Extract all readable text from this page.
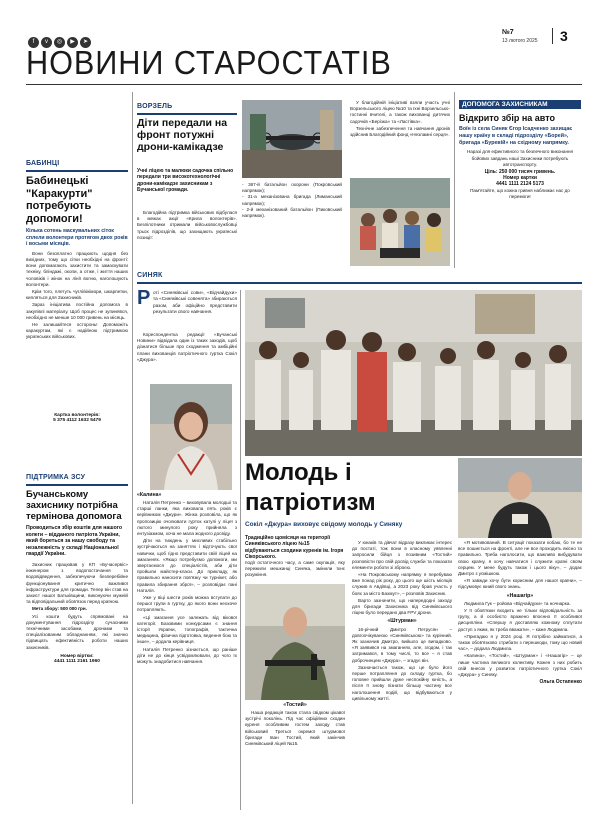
f v ◎ ▶ ➤
НОВИНИ СТАРОСТАТІВ
№7
13 лютого 2025 3
БАБИНЦІ
Бабинецькі "Каракурти" потребують допомоги!
Кілька сотень маскувальних сіток сплели волонтери протягом двох років і восьми місяців.

Вони безоплатно працюють щодня без вихідних, тому що сітки необхідні на фронті: вони допомагають захистити та замаскувати техніку, бліндажі, окопи, а отже, і життя наших чоловіків і жінок на лінії вогню, наголошують волонтери.

Крім того, плетуть чуглі/кікімори, шкарпетки, кипляться для Захисників.

Зараз ініціатива постійна допомога в закупівлі матеріалу. Щоб процес не зупинявся, необхідно не менше 10 000 гривень на місяць.

Не залишайтеся осторонь! Допоможіть каракуртам, які є надійною підтримкою українських військових.

Картка волонтерів:
5 375 4112 1632 5479
ПІДТРИМКА ЗСУ
Бучанському захиснику потрібна термінова допомога
Проводиться збір коштів для нашого колеги – відданого патріота України, який бореться за нашу свободу та незалежність у складі Національної гвардії України.

Захисник працював у КП «Бучасервіс» інженером з водопостачання та водовідведення, забезпечуючи безперебійне функціонування критично важливої інфраструктури для громади. Тепер він став на захист нашої Батьківщини, виконуючи мужній та відповідальний обов'язок перед країною.

Мета збору: 500 000 грн.

Усі кошти будуть спрямовані на документування підрозділу сучасними технічними засобами, дронами та спеціалізованим обладнанням, які значно підвищать ефективність роботи наших захисників.

Номер віртки:
4441 1111 2161 1960
ВОРЗЕЛЬ
Діти передали на фронт потужні дрони-камікадзе
Учні ліцею та малюки садочка спільно передали три високотехнологічні дрони-камікадзе захисникам з Бучанської громади.
Благодійна підтримка військових відбулася в межах акції «Крила волонтерів». Безпілотники отримали військовослужбовці трьох підрозділів, що захищають українські позиції:
- 367-й батальйон охорони (Покровський напрямок);
- 31-а механізована бригада (Лиманський напрямок);
- 2-й механізований батальйон (Пиковський напрямок).

У благодійній ініціативі взяли участь учні Ворзельського ліцею №10 та їхні Ворзельсько-гостинні вчителі, а також вихованці дитячих садочків «Берізка» та «Ластівка».

Технічне забезпечення та навчання дронів здійснив Благодійний фонд «Незламні серця».

ДОПОМОГА ЗАХИСНИКАМ
Відкрито збір на авто
Воїн із села Синяк Єгор Ісадченко захищає нашу країну в складі підрозділу «Борей», бригада «Буревій» на східному напрямку.
Наразі для ефективного та безпечного виконання бойових завдань наші Захисники потребують автотранспорту.
Ціль: 250 000 тисяч гривень.
Номер картки
4441 1111 2124 5173
Пам'ятайте, що кожна гривня наближає нас до перемоги!
СИНЯК
Р оті «Синяківські сови», «Відчайдухи» та «Синяківські совенята» збираються разом, аби офіційно представити результати свого навчання.
Кореспондентка редакції «Бучанські Новини» відвідала один із таких заходів, щоб дізнатися більше про сходження та амбіційні плани вихованців патріотичного гуртка Сокіл «Джура».
«Калина»

Наталія Петренко – виховувала молодші та старші ланки, яка виховала пять років є керівником «Джури». Жінка розповіла, що як пропозицію очолювати гурток катулі у ліцеї з лютого минулого року прийняла з ентузіазмом, хоча не мала жодного досвіду.

Діти на тиждень у мисливих стабільно зустрічаються на заняттях і відточують свої навички, щоб гідно представити свій ліцей на змаганнях. «Якщо потребуємо допомоги, ми звертаємося до спеціалістів, аби діти пройшли майстер-класи. До прикладу, як правильно наносити пов'язку чи турнікет, або правила збирання зброї», – розповідає пані Наталія.

Уже у віці шести років можна вступати до першої групи в гуртку, до якого вони неохоче потрапляють.

«Ці змагання усе залежать від вікової категорії. Базовими конкурсами є знання історії України, топографія, тактична медицина, фізична підготовка, ведення бою та інше», – додала керівниця.

Наталія Петренко зізнається, що раніше діти не до кінця усвідомлювали, до чого їх можуть знадобитися навчання.

Молодь і патріотизм
Сокіл «Джура» виховує свідому молодь у Синяку
Традиційно щомісяця на території Синяківського ліцею №15 відбуваються сходини куренів ім. Ігоря Сікорського.
події остаточного часу, а саме окупація, яку пережили мешканці Синяка, змінили їхнє розуміння.
«Тостий»
Наша редакція також стала свідком цікавої зустрічі поколінь. Під час офіційних сходин куреня особливим гостем заходу став військовий Третьої окремої штурмової бригади Іван Тостий, який закінчив Синяківський ліцей №15.

У юнаків та дівчат відразу викликає інтерес до постаті, тож вони в класному уявленні запросили бійця з позивним «Тостий» розповісти про свій досвід служби та показати елементи роботи зі зброєю.

«На Покровському напрямку я перебуваю вже понад рік року, до цього ще шість місяців служив в Авдіївці, а 2023 року брав участь у боях за місто Бахмут», – розповів Захисник.

Варто зазначити, що напередодні заходу для бригади Захисника від Синяківського ліцею було передано два FPV дрони.

«Штурман»

16-річний Дмитро Петрусян – довгоочікуваною «Синяківською» та курінний. Як зазначив Дмитро, вийшло це випадково. «Я заявився на змаганнях, але, згодом, і так затримався, в тому числі, то все – я став доброчинцем «Джура», – згадує він.

Зазначається також, що це було його перше потрапляння до складу гуртка, бо головне прийшли дуже неспокійну юність, а після її знову пізнати більшу частину все наголошення подій, що відбуваються у цивільному житті.

«Я мотивований. В ситуації показати кобаю, бо те не все пошиється на фронті, але не все проходить якісно та правильно. Треба наголосити, що важливо вибудувати свою країну, я хочу навчатися і служити країні своїм серцем. У мене будуть також і цього віку», – додає Дмитро з усмішкою.

«Я завжди хочу бути корисним для нашої країни», – підсумовує юний свого знань.

«Нашагір»

Людмила Гук – ройова «Відчайдухи» та ночнарка.

У її обов'язки входить не тільки відповідальність за групу, а й особисто вражено впоєнно її особливої дисципліни. «Спершу я доставляю кожному сплутати доступ з яким, як треба вважати», – каже Людмила.

«Пригадаю я у 2024 році. Я потрібно займатися, а також обов'язково стрибати з перешкоди, тому що новий час», – додала Людмила.

«Калина», «Тостий», «Штурман» і «Нашагір» – це лише частина великого колективу. Кожен з них робить свій внесок у розвиток патріотичного гуртка Сокіл «Джура» у Синяку.

Ольга Остапенко
